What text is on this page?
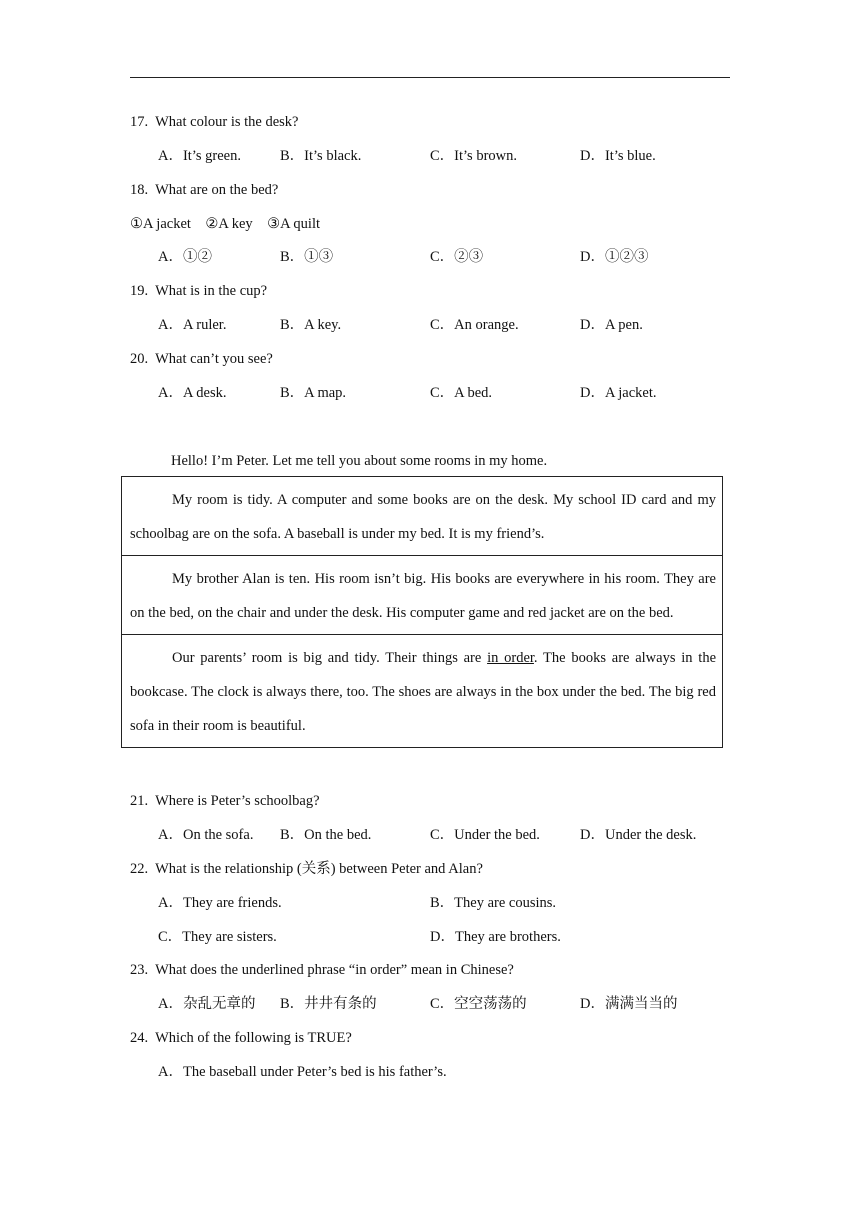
17. What colour is the desk?
A．It’s green.	B．It’s black.	C．It’s brown.	D．It’s blue.
18. What are on the bed?
①A jacket    ②A key    ③A quilt
A．①②	B．①③	C．②③	D．①②③
19. What is in the cup?
A．A ruler.	B．A key.	C．An orange.	D．A pen.
20. What can’t you see?
A．A desk.	B．A map.	C．A bed.	D．A jacket.
Hello! I’m Peter. Let me tell you about some rooms in my home.
My room is tidy. A computer and some books are on the desk. My school ID card and my schoolbag are on the sofa. A baseball is under my bed. It is my friend’s.
My brother Alan is ten. His room isn’t big. His books are everywhere in his room. They are on the bed, on the chair and under the desk. His computer game and red jacket are on the bed.
Our parents’ room is big and tidy. Their things are in order. The books are always in the bookcase. The clock is always there, too. The shoes are always in the box under the bed. The big red sofa in their room is beautiful.
21. Where is Peter’s schoolbag?
A．On the sofa. B．On the bed.	C．Under the bed.	D．Under the desk.
22. What is the relationship (关系) between Peter and Alan?
A．They are friends.	B．They are cousins.
C．They are sisters.	D．They are brothers.
23. What does the underlined phrase “in order” mean in Chinese?
A．杂乱无章的 B．井井有条的	C．空空荡荡的	D．满满当当的
24. Which of the following is TRUE?
A．The baseball under Peter’s bed is his father’s.
